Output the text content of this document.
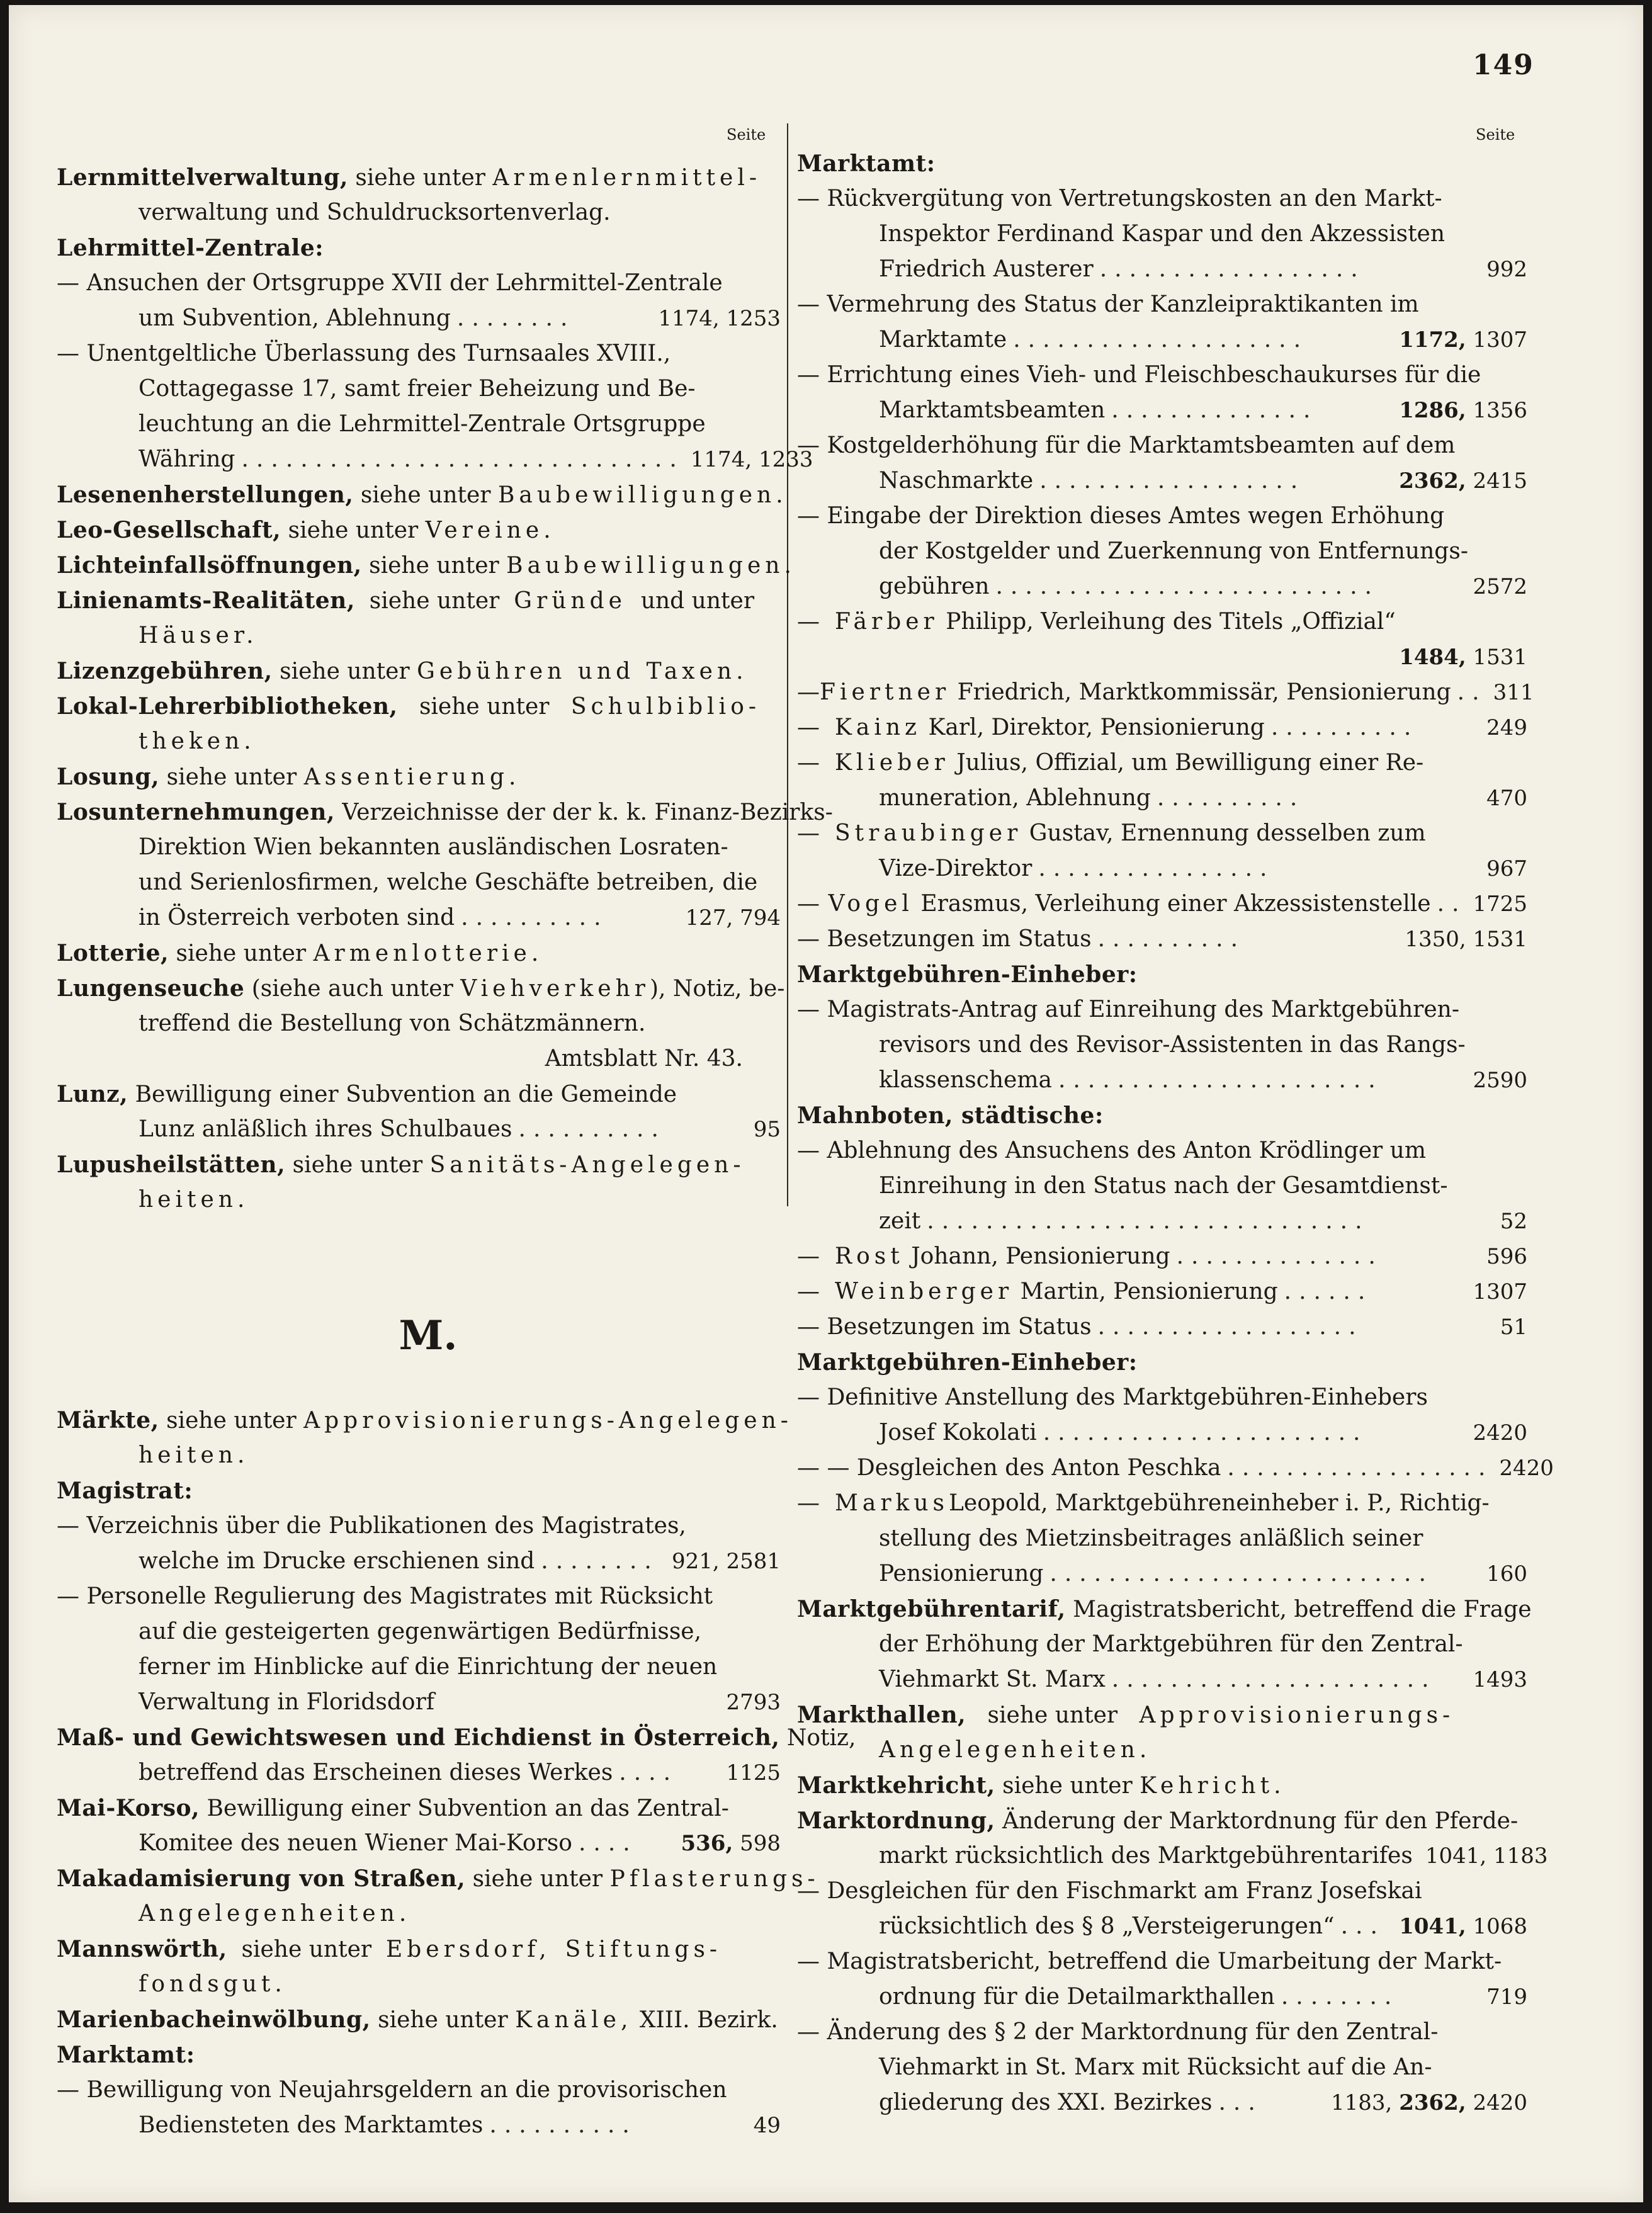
149
Seite	Seite
Lernmittelverwaltung,
siehe unter
Armenlernmittel-
verwaltung und Schuldrucksortenverlag.
Lehrmittel-Zentrale:
— Ansuchen der Ortsgruppe XVII der Lehrmittel-Zentrale
um Subvention, Ablehnung ........	1174, 1253
— Unentgeltliche Überlassung des Turnsaales XVIII.,
Cottagegasse 17, samt freier Beheizung und Be-
leuchtung an die Lehrmittel-Zentrale Ortsgruppe
Währing .............................. 1174, 1233
Lesenenherstellungen,
siehe unter
Baubewilligungen.
Leo-Gesellschaft,
siehe unter
Vereine.
Lichteinfallsöffnungen,
siehe unter
Baubewilligungen.
Linienamts-Realitäten,
siehe unter
Gründe
und unter
Häuser.
Lizenzgebühren,
siehe unter
Gebühren und Taxen.
Lokal-Lehrerbibliotheken,
siehe unter
Schulbiblio-
theken.
Losung,
siehe unter
Assentierung.
Losunternehmungen,
Verzeichnisse der der k. k. Finanz-Bezirks-
Direktion Wien bekannten ausländischen Losraten-
und Serienlosfirmen, welche Geschäfte betreiben, die
in Österreich verboten sind ..........	127, 794
Lotterie,
siehe unter
Armenlotterie.
Lungenseuche
(siehe auch unter
Viehverkehr ), Notiz, be-
treffend die Bestellung von Schätzmännern.
Amtsblatt Nr. 43.
Lunz,
Bewilligung einer Subvention an die Gemeinde
Lunz anläßlich ihres Schulbaues ..........	95
Lupusheilstätten,
siehe unter
Sanitäts-Angelegen-
heiten.
M.
Märkte,
siehe unter
Approvisionierungs-Angelegen-
heiten.
Magistrat:
— Verzeichnis über die Publikationen des Magistrates,
welche im Drucke erschienen sind ........ 921, 2581
— Personelle Regulierung des Magistrates mit Rücksicht
auf die gesteigerten gegenwärtigen Bedürfnisse,
ferner im Hinblicke auf die Einrichtung der neuen
Verwaltung in Floridsdorf	2793
Maß- und Gewichtswesen und Eichdienst in Österreich,
Notiz,
betreffend das Erscheinen dieses Werkes ....	1125
Mai-Korso,
Bewilligung einer Subvention an das Zentral-
Komitee des neuen Wiener Mai-Korso ....	536, 598
Makadamisierung von Straßen,
siehe unter
Pflasterungs-
Angelegenheiten.
Mannswörth,
siehe unter
Ebersdorf,
Stiftungs-
fondsgut.
Marienbacheinwölbung,
siehe unter
Kanäle,
XIII. Bezirk.
Marktamt:
— Bewilligung von Neujahrsgeldern an die provisorischen
Bediensteten des Marktamtes ..........	49
Marktamt:
— Rückvergütung von Vertretungskosten an den Markt-
Inspektor Ferdinand Kaspar und den Akzessisten
Friedrich Austerer ..................	992
— Vermehrung des Status der Kanzleipraktikanten im
Marktamte ....................	1172, 1307
— Errichtung eines Vieh- und Fleischbeschaukurses für die
Marktamtsbeamten ..............	1286, 1356
— Kostgelderhöhung für die Marktamtsbeamten auf dem
Naschmarkte ..................	2362, 2415
— Eingabe der Direktion dieses Amtes wegen Erhöhung
der Kostgelder und Zuerkennung von Entfernungs-
gebühren ..........................	2572
— Färber
Philipp, Verleihung des Titels „Offizial“
1484, 1531
— Fiertner
Friedrich, Marktkommissär, Pensionierung .. 311
— Kainz
Karl, Direktor, Pensionierung ..........	249
— Klieber
Julius, Offizial, um Bewilligung einer Re-
muneration, Ablehnung ..........	470
— Straubinger
Gustav, Ernennung desselben zum
Vize-Direktor ................	967
— Vogel
Erasmus, Verleihung einer Akzessistenstelle .. 1725
— Besetzungen im Status ..........	1350, 1531
Marktgebühren-Einheber:
— Magistrats-Antrag auf Einreihung des Marktgebühren-
revisors und des Revisor-Assistenten in das Rangs-
klassenschema ......................	2590
Mahnboten, städtische:
— Ablehnung des Ansuchens des Anton Krödlinger um
Einreihung in den Status nach der Gesamtdienst-
zeit ..............................	52
— Rost
Johann, Pensionierung ..............	596
— Weinberger
Martin, Pensionierung ......	1307
— Besetzungen im Status ..................	51
Marktgebühren-Einheber:
— Definitive Anstellung des Marktgebühren-Einhebers
Josef Kokolati ......................	2420
— — Desgleichen des Anton Peschka .................. 2420
— Markus Leopold, Marktgebühreneinheber i. P., Richtig-
stellung des Mietzinsbeitrages anläßlich seiner
Pensionierung ..........................	160
Marktgebührentarif,
Magistratsbericht, betreffend die Frage
der Erhöhung der Marktgebühren für den Zentral-
Viehmarkt St. Marx ......................	1493
Markthallen,
siehe unter
Approvisionierungs-
Angelegenheiten.
Marktkehricht,
siehe unter
Kehricht.
Marktordnung,
Änderung der Marktordnung für den Pferde-
markt rücksichtlich des Marktgebührentarifes 1041, 1183
— Desgleichen für den Fischmarkt am Franz Josefskai
rücksichtlich des § 8 „Versteigerungen“ ... 1041, 1068
— Magistratsbericht, betreffend die Umarbeitung der Markt-
ordnung für die Detailmarkthallen ........	719
— Änderung des § 2 der Marktordnung für den Zentral-
Viehmarkt in St. Marx mit Rücksicht auf die An-
gliederung des XXI. Bezirkes ...	1183, 2362, 2420
